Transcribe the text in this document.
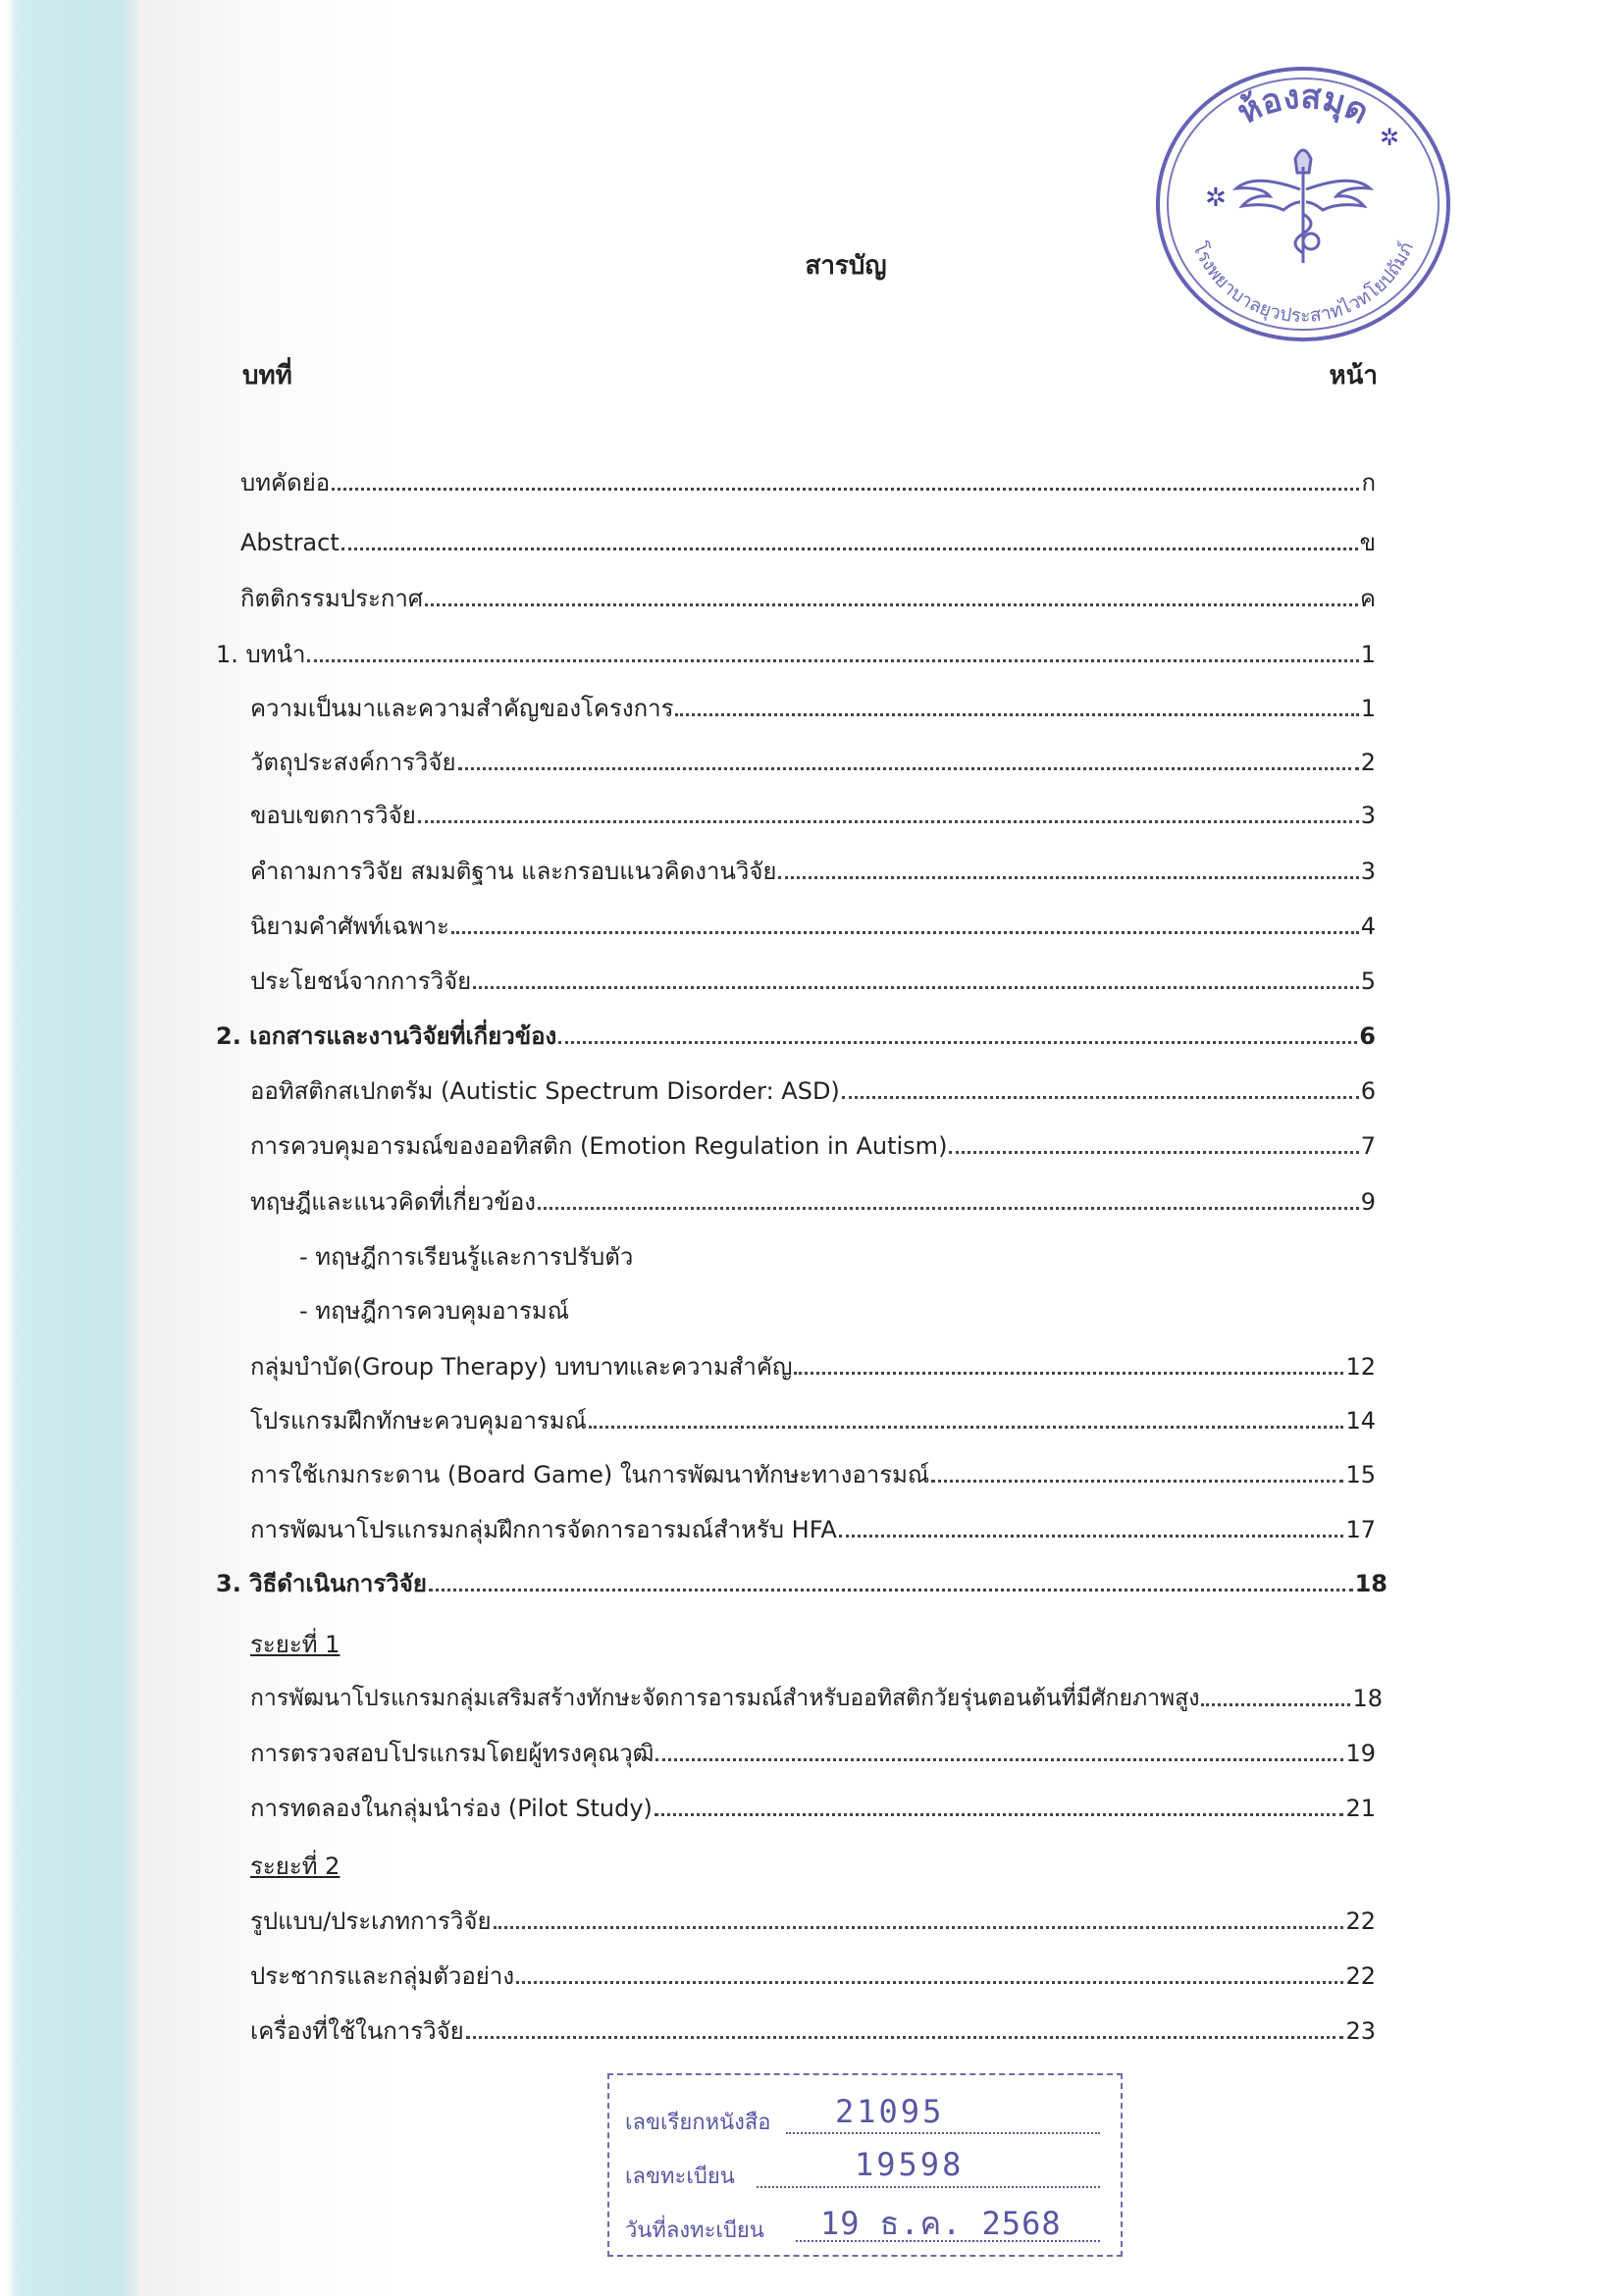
ห้องสมุด
โรงพยาบาลยุวประสาทไวทโยปถัมภ์
✲
✲
สารบัญ
บทที่	หน้า
บทคัดย่อ	ก
Abstract	ข
กิตติกรรมประกาศ	ค
1. บทนำ	1
ความเป็นมาและความสำคัญของโครงการ	1
วัตถุประสงค์การวิจัย	2
ขอบเขตการวิจัย	3
คำถามการวิจัย สมมติฐาน และกรอบแนวคิดงานวิจัย	3
นิยามคำศัพท์เฉพาะ	4
ประโยชน์จากการวิจัย	5
2. เอกสารและงานวิจัยที่เกี่ยวข้อง	6
ออทิสติกสเปกตรัม (Autistic Spectrum Disorder: ASD)	6
การควบคุมอารมณ์ของออทิสติก (Emotion Regulation in Autism)	7
ทฤษฎีและแนวคิดที่เกี่ยวข้อง	9
- ทฤษฎีการเรียนรู้และการปรับตัว
- ทฤษฎีการควบคุมอารมณ์
กลุ่มบำบัด(Group Therapy) บทบาทและความสำคัญ	12
โปรแกรมฝึกทักษะควบคุมอารมณ์	14
การใช้เกมกระดาน (Board Game) ในการพัฒนาทักษะทางอารมณ์	15
การพัฒนาโปรแกรมกลุ่มฝึกการจัดการอารมณ์สำหรับ HFA	17
3. วิธีดำเนินการวิจัย	18
ระยะที่ 1
การพัฒนาโปรแกรมกลุ่มเสริมสร้างทักษะจัดการอารมณ์สำหรับออทิสติกวัยรุ่นตอนต้นที่มีศักยภาพสูง	18
การตรวจสอบโปรแกรมโดยผู้ทรงคุณวุฒิ	19
การทดลองในกลุ่มนำร่อง (Pilot Study)	21
ระยะที่ 2
รูปแบบ/ประเภทการวิจัย	22
ประชากรและกลุ่มตัวอย่าง	22
เครื่องที่ใช้ในการวิจัย	23
เลขเรียกหนังสือ 21095
เลขทะเบียน	19598
วันที่ลงทะเบียน 19 ธ.ค. 2568
